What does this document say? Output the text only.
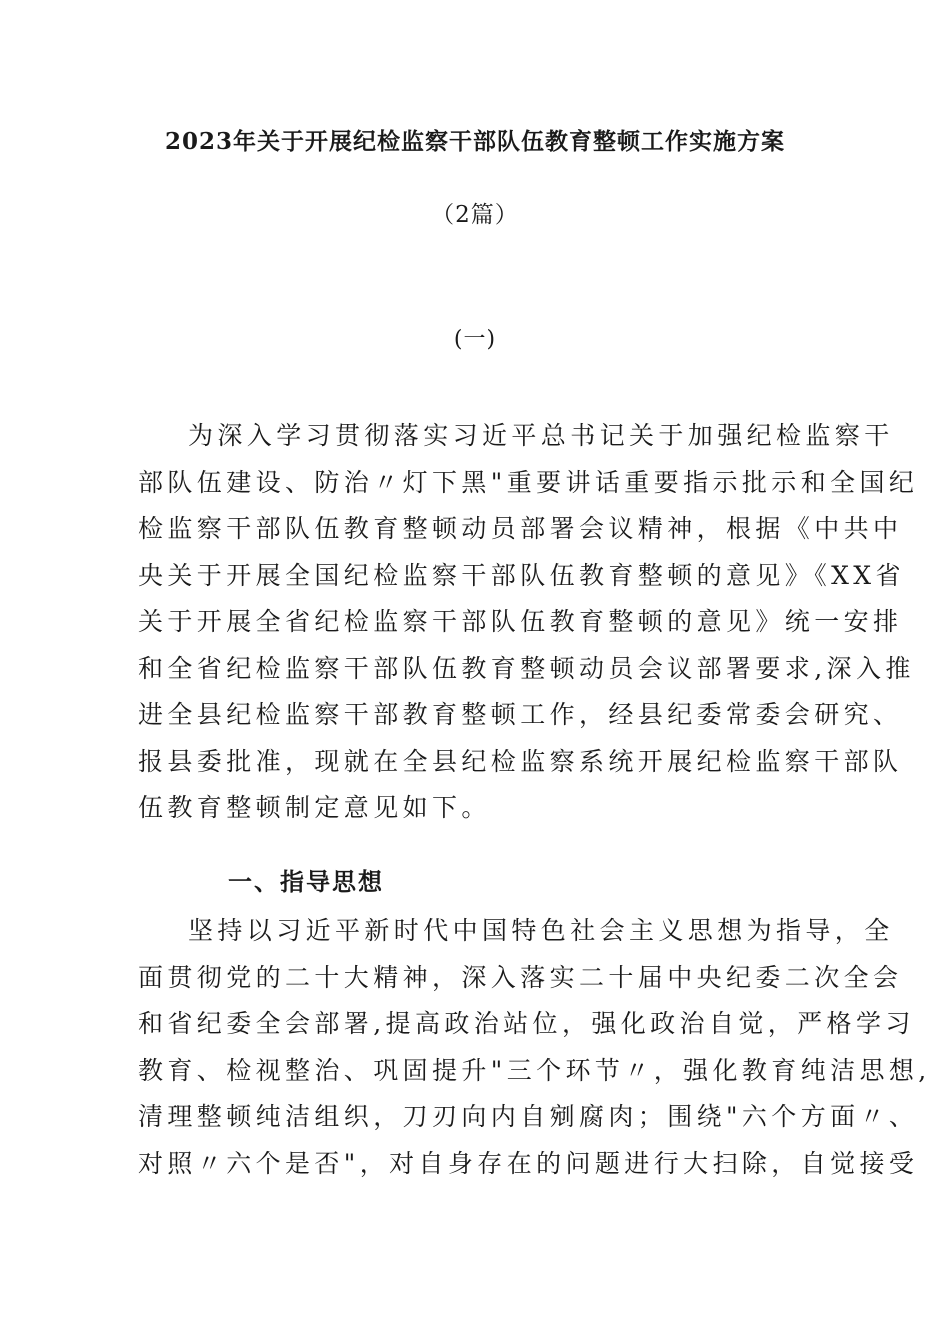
2023年关于开展纪检监察干部队伍教育整顿工作实施方案
（2篇）
(一)
为深入学习贯彻落实习近平总书记关于加强纪检监察干
部队伍建设、防治〃灯下黑"重要讲话重要指示批示和全国纪
检监察干部队伍教育整顿动员部署会议精神，根据《中共中
央关于开展全国纪检监察干部队伍教育整顿的意见》《XX省
关于开展全省纪检监察干部队伍教育整顿的意见》统一安排
和全省纪检监察干部队伍教育整顿动员会议部署要求,深入推
进全县纪检监察干部教育整顿工作，经县纪委常委会研究、
报县委批准，现就在全县纪检监察系统开展纪检监察干部队
伍教育整顿制定意见如下。
一、指导思想
坚持以习近平新时代中国特色社会主义思想为指导，全
面贯彻党的二十大精神，深入落实二十届中央纪委二次全会
和省纪委全会部署,提高政治站位，强化政治自觉，严格学习
教育、检视整治、巩固提升"三个环节〃，强化教育纯洁思想,
清理整顿纯洁组织，刀刃向内自剜腐肉；围绕"六个方面〃、
对照〃六个是否"，对自身存在的问题进行大扫除，自觉接受
